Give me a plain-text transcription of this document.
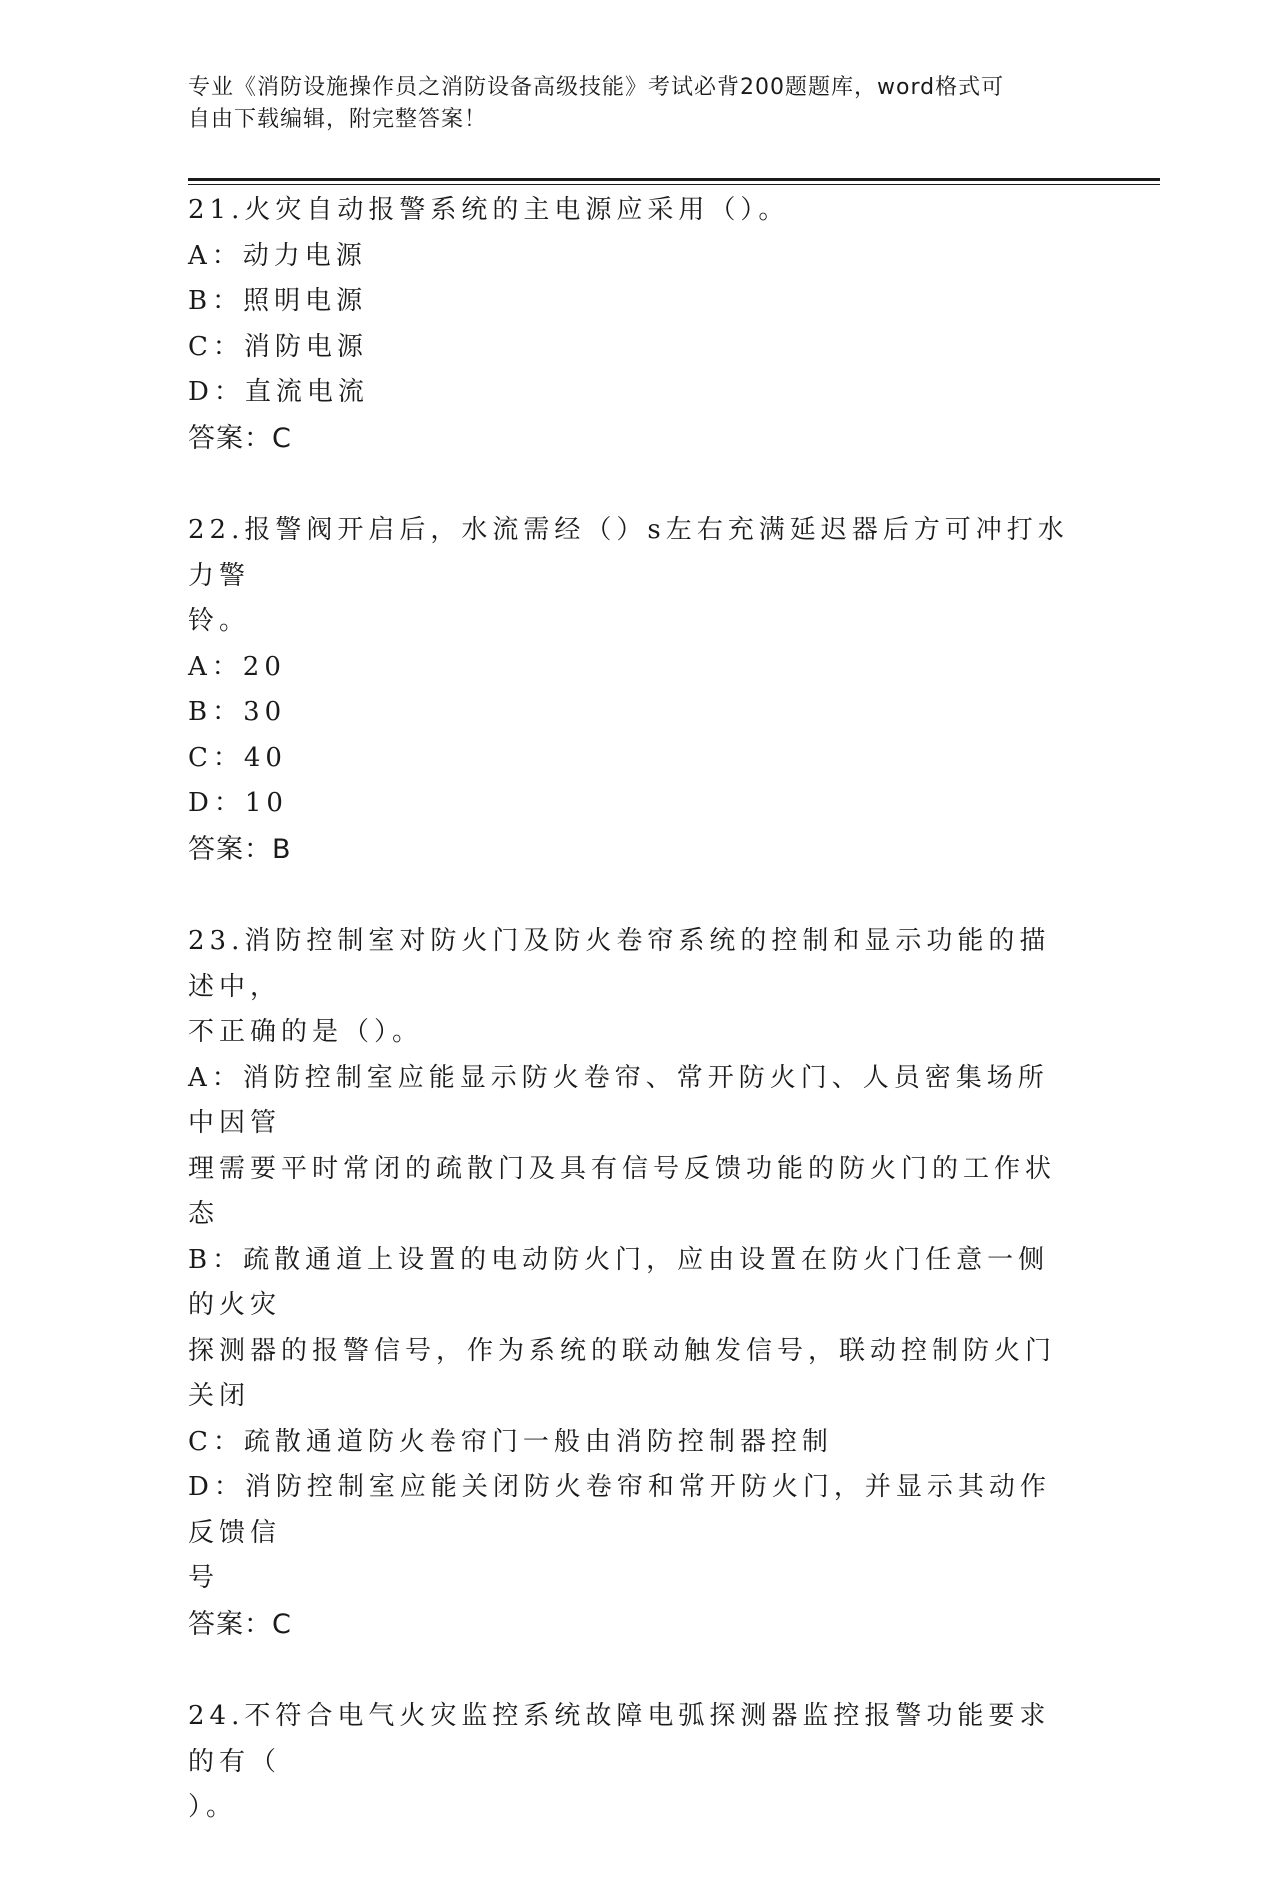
专业《消防设施操作员之消防设备高级技能》考试必背200题题库，word格式可
自由下载编辑，附完整答案！
21.火灾自动报警系统的主电源应采用（）。
A：动力电源
B：照明电源
C：消防电源
D：直流电流
答案：C
22.报警阀开启后，水流需经（）s左右充满延迟器后方可冲打水力警
铃。
A：20
B：30
C：40
D：10
答案：B
23.消防控制室对防火门及防火卷帘系统的控制和显示功能的描述中，
不正确的是（）。
A：消防控制室应能显示防火卷帘、常开防火门、人员密集场所中因管
理需要平时常闭的疏散门及具有信号反馈功能的防火门的工作状态
B：疏散通道上设置的电动防火门，应由设置在防火门任意一侧的火灾
探测器的报警信号，作为系统的联动触发信号，联动控制防火门关闭
C：疏散通道防火卷帘门一般由消防控制器控制
D：消防控制室应能关闭防火卷帘和常开防火门，并显示其动作反馈信
号
答案：C
24.不符合电气火灾监控系统故障电弧探测器监控报警功能要求的有（
）。
